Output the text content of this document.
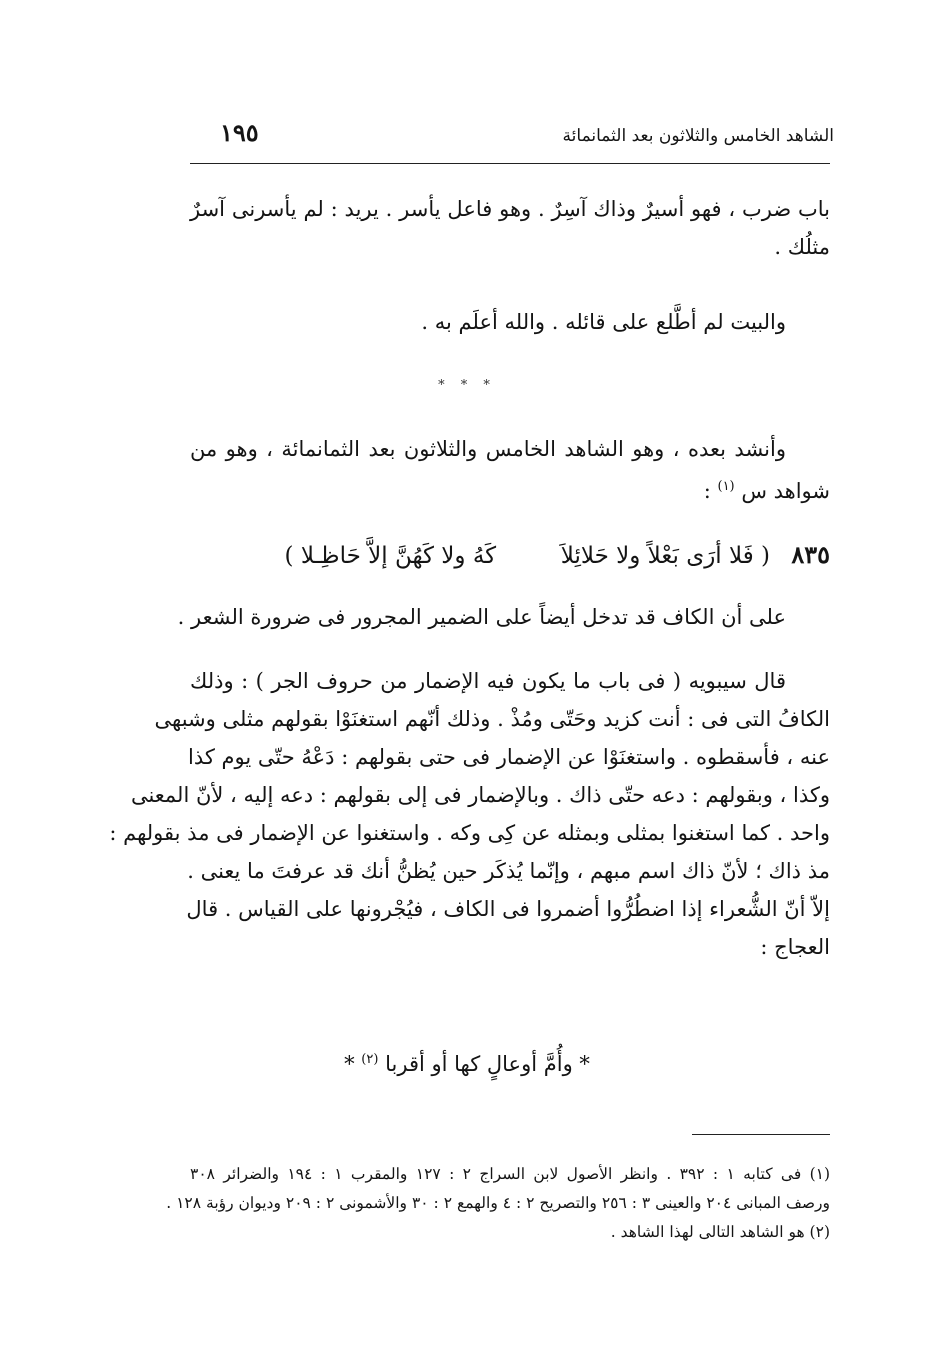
الشاهد الخامس والثلاثون بعد الثمانمائة
١٩٥
باب ضرب ، فهو أسيرٌ وذاك آسِرٌ . وهو فاعل يأسر . يريد : لم يأسرنى آسرٌ
مثلُك .
والبيت لم أطَّلع على قائله . والله أعلَم به .
* * *
وأنشد بعده ، وهو الشاهد الخامس والثلاثون بعد الثمانمائة ، وهو من
شواهد س $^{(١)}$ :
٨٣٥ ( فَلا أرَى بَعْلاً ولا حَلائِلاَ  كَهُ ولا كَهُنَّ إلاَّ حَاظِـلا )
على أن الكاف قد تدخل أيضاً على الضمير المجرور فى ضرورة الشعر .
قال سيبويه ( فى باب ما يكون فيه الإضمار من حروف الجر ) : وذلك
الكافُ التى فى : أنت كزيد وحَتّى ومُذْ . وذلك أنّهم استغنَوْا بقولهم مثلى وشبهى
عنه ، فأسقطوه . واستغنَوْا عن الإضمار فى حتى بقولهم : دَعْهُ حتّى يوم كذا
وكذا ، وبقولهم : دعه حتّى ذاك . وبالإضمار فى إلى بقولهم : دعه إليه ، لأنّ المعنى
واحد . كما استغنوا بمثلى وبمثله عن كِى وكه . واستغنوا عن الإضمار فى مذ بقولهم :
مذ ذاك ؛ لأنّ ذاك اسم مبهم ، وإنّما يُذكَر حين يُظنُّ أنك قد عرفتَ ما يعنى .
إلاّ أنّ الشُّعراء إذا اضطُرُّوا أضمروا فى الكاف ، فيُجْرونها على القياس . قال
العجاج :
* وأُمَّ أوعالٍ كها أو أقربا $^{(٢)}$ *
(١) فى كتابه ١ : ٣٩٢ . وانظر الأصول لابن السراج ٢ : ١٢٧ والمقرب ١ : ١٩٤ والضرائر ٣٠٨
ورصف المبانى ٢٠٤ والعينى ٣ : ٢٥٦ والتصريح ٢ : ٤ والهمع ٢ : ٣٠ والأشمونى ٢ : ٢٠٩ وديوان رؤبة ١٢٨ .
(٢) هو الشاهد التالى لهذا الشاهد .
